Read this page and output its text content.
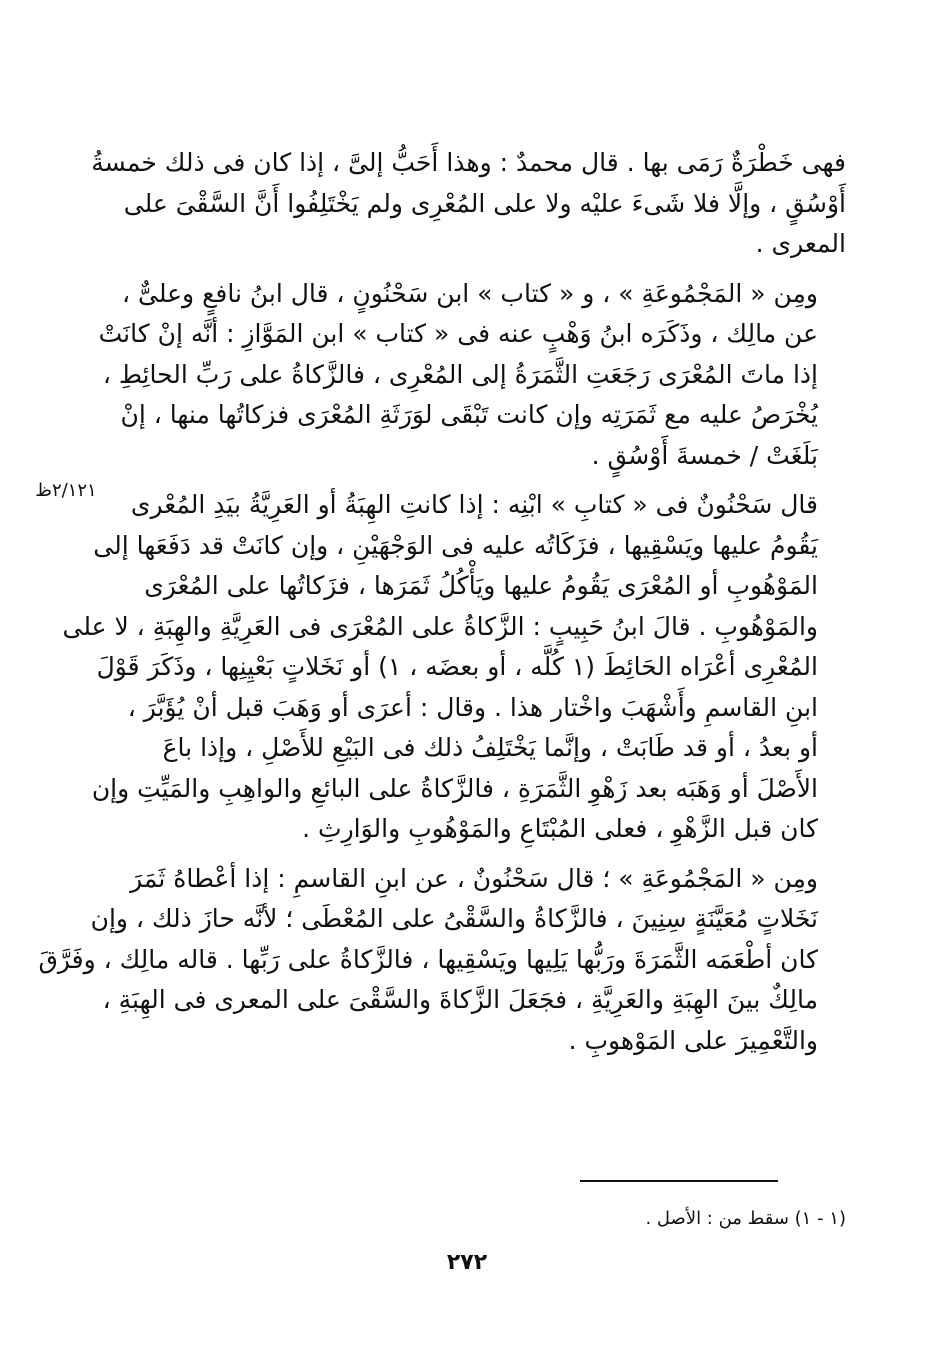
فهى خَطْرَةٌ رَمَى بها . قال محمدٌ : وهذا أَحَبُّ إلىَّ ، إذا كان فى ذلك خمسةُ
أَوْسُقٍ ، وإلَّا فلا شَىءَ عليْه ولا على المُعْرِى ولم يَخْتَلِفُوا أَنَّ السَّقْىَ على
المعرى .

ومِن « المَجْمُوعَةِ » ، و « كتاب » ابن سَحْنُونٍ ، قال ابنُ نافعٍ وعلىٌّ ،
عن مالِك ، وذَكَرَه ابنُ وَهْبٍ عنه فى « كتاب » ابن المَوَّازِ : أنَّه إنْ كانَتْ
إذا ماتَ المُعْرَى رَجَعَتِ الثَّمَرَةُ إلى المُعْرِى ، فالزَّكاةُ على رَبِّ الحائِطِ ،
يُخْرَصُ عليه مع ثَمَرَتِه وإن كانت تَبْقَى لوَرَثَةِ المُعْرَى فزكاتُها منها ، إنْ
بَلَغَتْ / خمسةَ أَوْسُقٍ .

قال سَحْنُونٌ فى « كتابِ » ابْنِه : إذا كانتِ الهِبَةُ أو العَرِيَّةُ بيَدِ المُعْرى
يَقُومُ عليها ويَسْقِيها ، فزَكَاتُه عليه فى الوَجْهَيْنِ ، وإن كانَتْ قد دَفَعَها إلى
المَوْهُوبِ أو المُعْرَى يَقُومُ عليها ويَأْكُلُ ثَمَرَها ، فزَكاتُها على المُعْرَى
والمَوْهُوبِ . قالَ ابنُ حَبِيبٍ : الزَّكاةُ على المُعْرَى فى العَرِيَّةِ والهِبَةِ ، لا على
المُعْرِى أعْرَاه الحَائِطَ (١ كُلَّه ، أو بعضَه ، ١) أو نَخَلاتٍ بَعْيِنِها ، وذَكَرَ قَوْلَ
ابنِ القاسمِ وأَشْهَبَ واخْتار هذا . وقال : أعرَى أو وَهَبَ قبل أنْ يُؤَبَّرَ ،
أو بعدُ ، أو قد طَابَتْ ، وإنَّما يَخْتَلِفُ ذلك فى البَيْعِ للأَصْلِ ، وإذا باعَ
الأَصْلَ أو وَهَبَه بعد زَهْوِ الثَّمَرَةِ ، فالزَّكاةُ على البائعِ والواهِبِ والمَيِّتِ وإن
كان قبل الزَّهْوِ ، فعلى المُبْتَاعِ والمَوْهُوبِ والوَارِثِ .

ومِن « المَجْمُوعَةِ » ؛ قال سَحْنُونٌ ، عن ابنِ القاسمِ : إذا أعْطاهُ ثَمَرَ
نَخَلاتٍ مُعَيَّنَةٍ سِنِينَ ، فالزَّكاةُ والسَّقْىُ على المُعْطَى ؛ لأنَّه حازَ ذلك ، وإن
كان أطْعَمَه الثَّمَرَةَ ورَبُّها يَلِيها ويَسْقِيها ، فالزَّكاةُ على رَبِّها . قاله مالِك ، وفَرَّقَ
مالِكٌ بينَ الهِبَةِ والعَرِيَّةِ ، فجَعَلَ الزَّكاةَ والسَّقْىَ على المعرى فى الهِبَةِ ،
والتَّعْمِيرَ على المَوْهوبِ .

٢/١٢١ظ
(١ - ١) سقط من : الأصل .
٢٧٢
